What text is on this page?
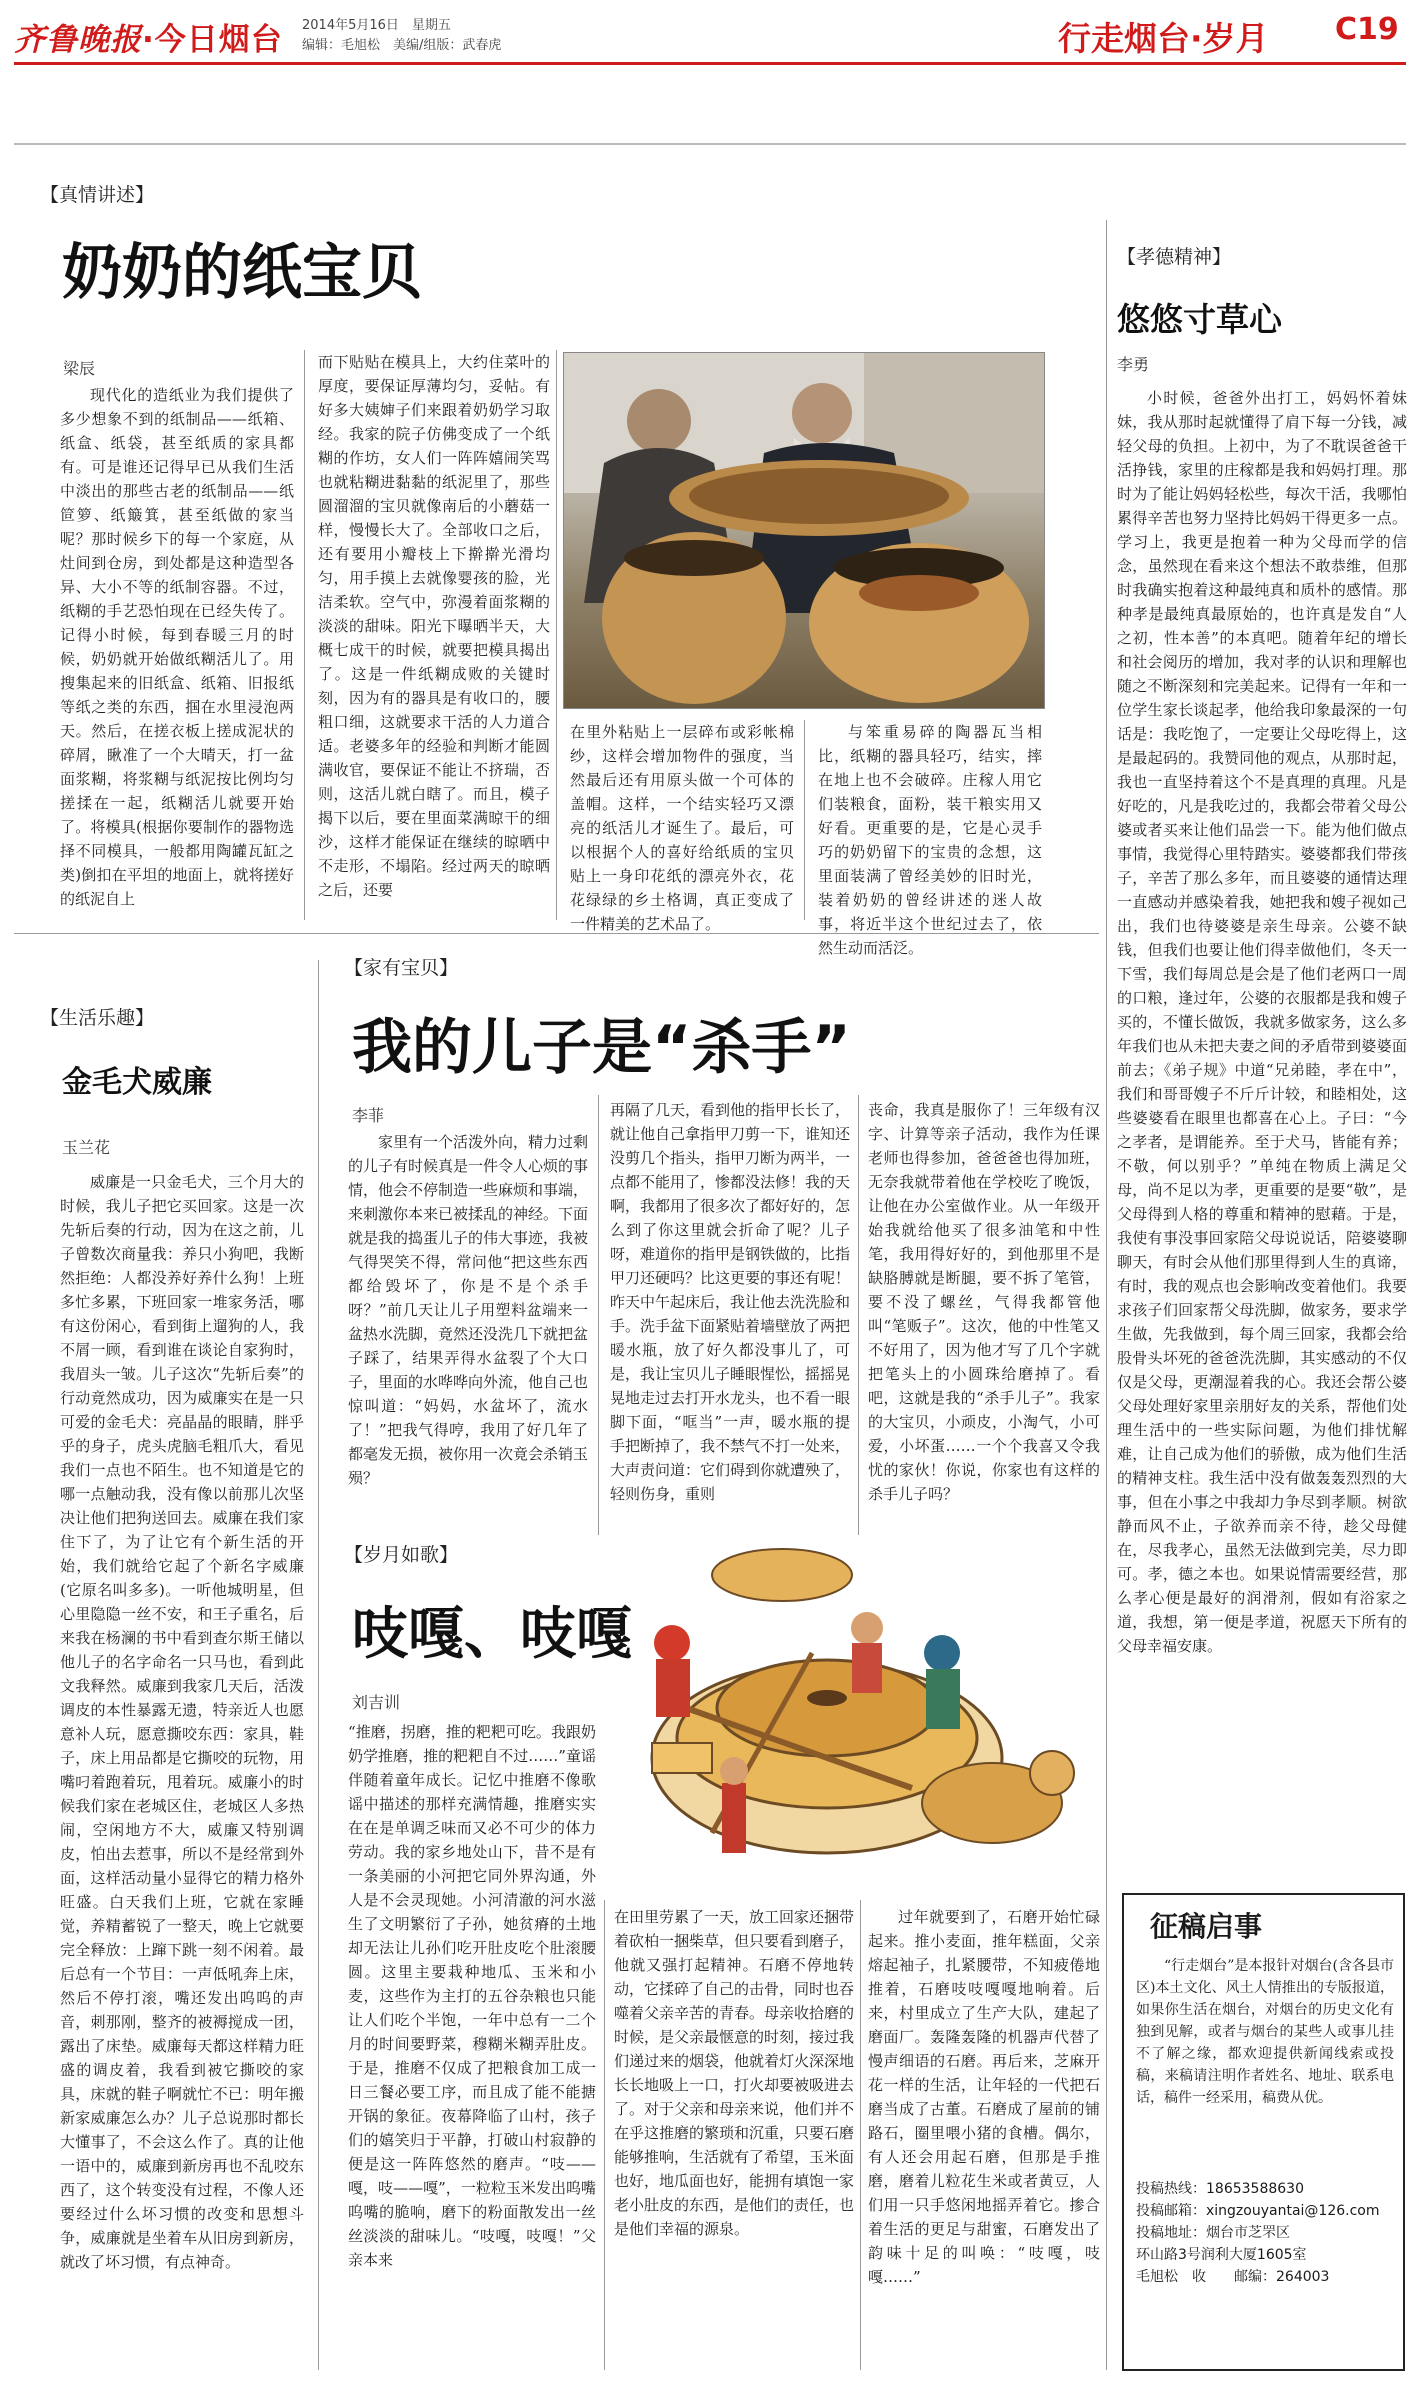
齐鲁晚报·今日烟台 2014年5月16日　星期五
编辑：毛旭松　美编/组版：武春虎	行走烟台·岁月 C19
【真情讲述】
奶奶的纸宝贝
梁辰
现代化的造纸业为我们提供了多少想象不到的纸制品——纸箱、纸盒、纸袋，甚至纸质的家具都有。可是谁还记得早已从我们生活中淡出的那些古老的纸制品——纸笸箩、纸簸箕，甚至纸做的家当呢？那时候乡下的每一个家庭，从灶间到仓房，到处都是这种造型各异、大小不等的纸制容器。不过，纸糊的手艺恐怕现在已经失传了。记得小时候，每到春暖三月的时候，奶奶就开始做纸糊活儿了。用搜集起来的旧纸盒、纸箱、旧报纸等纸之类的东西，掴在水里浸泡两天。然后，在搓衣板上搓成泥状的碎屑，瞅准了一个大晴天，打一盆面浆糊，将浆糊与纸泥按比例均匀搓揉在一起，纸糊活儿就要开始了。将模具(根据你要制作的器物选择不同模具，一般都用陶罐瓦缸之类)倒扣在平坦的地面上，就将搓好的纸泥自上
而下贴贴在模具上，大约住菜叶的厚度，要保证厚薄均匀，妥帖。有好多大姨婶子们来跟着奶奶学习取经。我家的院子仿佛变成了一个纸糊的作坊，女人们一阵阵嬉闹笑骂也就粘糊进黏黏的纸泥里了，那些圆溜溜的宝贝就像南后的小蘑菇一样，慢慢长大了。全部收口之后，还有要用小瓣枝上下擀擀光滑均匀，用手摸上去就像婴孩的脸，光洁柔软。空气中，弥漫着面浆糊的淡淡的甜味。阳光下曝晒半天，大概七成干的时候，就要把模具揭出了。这是一件纸糊成败的关键时刻，因为有的器具是有收口的，腰粗口细，这就要求干活的人力道合适。老婆多年的经验和判断才能圆满收官，要保证不能让不挤瑞，否则，这活儿就白瞎了。而且，模子揭下以后，要在里面菜满晾干的细沙，这样才能保证在继续的晾晒中不走形，不塌陷。经过两天的晾晒之后，还要
在里外粘贴上一层碎布或彩帐棉纱，这样会增加物件的强度，当然最后还有用原头做一个可体的盖帽。这样，一个结实轻巧又漂亮的纸活儿才诞生了。最后，可以根据个人的喜好给纸质的宝贝贴上一身印花纸的漂亮外衣，花花绿绿的乡土格调，真正变成了一件精美的艺术品了。
与笨重易碎的陶器瓦当相比，纸糊的器具轻巧，结实，摔在地上也不会破碎。庄稼人用它们装粮食，面粉，装干粮实用又好看。更重要的是，它是心灵手巧的奶奶留下的宝贵的念想，这里面装满了曾经美妙的旧时光，装着奶奶的曾经讲述的迷人故事，将近半这个世纪过去了，依然生动而活泛。
【孝德精神】
悠悠寸草心
李勇
小时候，爸爸外出打工，妈妈怀着妹妹，我从那时起就懂得了肩下每一分钱，减轻父母的负担。上初中，为了不耽误爸爸干活挣钱，家里的庄稼都是我和妈妈打理。那时为了能让妈妈轻松些，每次干活，我哪怕累得辛苦也努力坚持比妈妈干得更多一点。学习上，我更是抱着一种为父母而学的信念，虽然现在看来这个想法不敢恭维，但那时我确实抱着这种最纯真和质朴的感情。那种孝是最纯真最原始的，也许真是发自“人之初，性本善”的本真吧。随着年纪的增长和社会阅历的增加，我对孝的认识和理解也随之不断深刻和完美起来。记得有一年和一位学生家长谈起孝，他给我印象最深的一句话是：我吃饱了，一定要让父母吃得上，这是最起码的。我赞同他的观点，从那时起，我也一直坚持着这个不是真理的真理。凡是好吃的，凡是我吃过的，我都会带着父母公婆或者买来让他们品尝一下。能为他们做点事情，我觉得心里特踏实。婆婆都我们带孩子，辛苦了那么多年，而且婆婆的通情达理一直感动并感染着我，她把我和嫂子视如己出，我们也待婆婆是亲生母亲。公婆不缺钱，但我们也要让他们得幸做他们，冬天一下雪，我们每周总是会是了他们老两口一周的口粮，逢过年，公婆的衣服都是我和嫂子买的，不懂长做饭，我就多做家务，这么多年我们也从未把夫妻之间的矛盾带到婆婆面前去；《弟子规》中道“兄弟睦，孝在中”，我们和哥哥嫂子不斤斤计较，和睦相处，这些婆婆看在眼里也都喜在心上。子曰：“今之孝者，是谓能养。至于犬马，皆能有养；不敬，何以别乎？”单纯在物质上满足父母，尚不足以为孝，更重要的是要“敬”，是父母得到人格的尊重和精神的慰藉。于是，我使有事没事回家陪父母说说话，陪婆婆聊聊天，有时会从他们那里得到人生的真谛，有时，我的观点也会影响改变着他们。我要求孩子们回家帮父母洗脚，做家务，要求学生做，先我做到，每个周三回家，我都会给股骨头坏死的爸爸洗洗脚，其实感动的不仅仅是父母，更潮湿着我的心。我还会帮公婆父母处理好家里亲朋好友的关系，帮他们处理生活中的一些实际问题，为他们排忧解难，让自己成为他们的骄傲，成为他们生活的精神支柱。我生活中没有做轰轰烈烈的大事，但在小事之中我却力争尽到孝顺。树欲静而风不止，子欲养而亲不待，趁父母健在，尽我孝心，虽然无法做到完美，尽力即可。孝，德之本也。如果说情需要经营，那么孝心便是最好的润滑剂，假如有浴家之道，我想，第一便是孝道，祝愿天下所有的父母幸福安康。
【生活乐趣】
金毛犬威廉
玉兰花
威廉是一只金毛犬，三个月大的时候，我儿子把它买回家。这是一次先斩后奏的行动，因为在这之前，儿子曾数次商量我：养只小狗吧，我断然拒绝：人都没养好养什么狗！上班多忙多累，下班回家一堆家务活，哪有这份闲心，看到街上遛狗的人，我不屑一顾，看到谁在谈论自家狗时，我眉头一皱。儿子这次“先斩后奏”的行动竟然成功，因为威廉实在是一只可爱的金毛犬：亮晶晶的眼睛，胖乎乎的身子，虎头虎脑毛粗爪大，看见我们一点也不陌生。也不知道是它的哪一点触动我，没有像以前那儿次坚决让他们把狗送回去。威廉在我们家住下了，为了让它有个新生活的开始，我们就给它起了个新名字威廉(它原名叫多多)。一听他城明星，但心里隐隐一丝不安，和王子重名，后来我在杨澜的书中看到查尔斯王储以他儿子的名字命名一只马也，看到此文我释然。威廉到我家几天后，活泼调皮的本性暴露无遗，特亲近人也愿意补人玩，愿意撕咬东西：家具，鞋子，床上用品都是它撕咬的玩物，用嘴叼着跑着玩，甩着玩。威廉小的时候我们家在老城区住，老城区人多热闹，空闲地方不大，威廉又特别调皮，怕出去惹事，所以不是经常到外面，这样活动量小显得它的精力格外旺盛。白天我们上班，它就在家睡觉，养精蓄锐了一整天，晚上它就要完全释放：上蹿下跳一刻不闲着。最后总有一个节目：一声低吼奔上床，然后不停打滚，嘴还发出呜呜的声音，刺那刚，整齐的被褥搅成一团，露出了床垫。威廉每天都这样精力旺盛的调皮着，我看到被它撕咬的家具，床就的鞋子啊就忙不已：明年搬新家威廉怎么办？儿子总说那时都长大懂事了，不会这么作了。真的让他一语中的，威廉到新房再也不乱咬东西了，这个转变没有过程，不像人还要经过什么坏习惯的改变和思想斗争，威廉就是坐着车从旧房到新房，就改了坏习惯，有点神奇。
【家有宝贝】
我的儿子是“杀手”
李菲
家里有一个活泼外向，精力过剩的儿子有时候真是一件令人心烦的事情，他会不停制造一些麻烦和事端，来刺激你本来已被揉乱的神经。下面就是我的捣蛋儿子的伟大事迹，我被气得哭笑不得，常问他“把这些东西都给毁坏了，你是不是个杀手呀？”前几天让儿子用塑料盆端来一盆热水洗脚，竟然还没洗几下就把盆子踩了，结果弄得水盆裂了个大口子，里面的水哗哗向外流，他自己也惊叫道：“妈妈，水盆坏了，流水了！”把我气得哼，我用了好几年了都毫发无损，被你用一次竟会杀销玉殒？
再隔了几天，看到他的指甲长长了，就让他自己拿指甲刀剪一下，谁知还没剪几个指头，指甲刀断为两半，一点都不能用了，惨都没法修！我的天啊，我都用了很多次了都好好的，怎么到了你这里就会折命了呢？儿子呀，难道你的指甲是钢铁做的，比指甲刀还硬吗？比这更要的事还有呢！昨天中午起床后，我让他去洗洗脸和手。洗手盆下面紧贴着墙壁放了两把暖水瓶，放了好久都没事儿了，可是，我让宝贝儿子睡眼惺忪，摇摇晃晃地走过去打开水龙头，也不看一眼脚下面，“哐当”一声，暖水瓶的提手把断掉了，我不禁气不打一处来，大声责问道：它们碍到你就遭殃了，轻则伤身，重则
丧命，我真是服你了！三年级有汉字、计算等亲子活动，我作为任课老师也得参加，爸爸爸也得加班，无奈我就带着他在学校吃了晚饭，让他在办公室做作业。从一年级开始我就给他买了很多油笔和中性笔，我用得好好的，到他那里不是缺胳膊就是断腿，要不拆了笔管，要不没了螺丝，气得我都管他叫“笔贩子”。这次，他的中性笔又不好用了，因为他才写了几个字就把笔头上的小圆珠给磨掉了。看吧，这就是我的“杀手儿子”。我家的大宝贝，小顽皮，小淘气，小可爱，小坏蛋……一个个我喜又令我忧的家伙！你说，你家也有这样的杀手儿子吗？
【岁月如歌】
吱嘎、吱嘎
刘吉训
“推磨，拐磨，推的粑粑可吃。我跟奶奶学推磨，推的粑粑自不过……”童谣伴随着童年成长。记忆中推磨不像歌谣中描述的那样充满情趣，推磨实实在在是单调乏味而又必不可少的体力劳动。我的家乡地处山下，昔不是有一条美丽的小河把它同外界沟通，外人是不会灵现她。小河清澈的河水滋生了文明繁衍了子孙，她贫瘠的土地却无法让儿孙们吃开肚皮吃个肚滚腰圆。这里主要栽种地瓜、玉米和小麦，这些作为主打的五谷杂粮也只能让人们吃个半饱，一年中总有一二个月的时间要野菜，穆糊米糊弄肚皮。于是，推磨不仅成了把粮食加工成一日三餐必要工序，而且成了能不能搪开锅的象征。夜幕降临了山村，孩子们的嬉笑归于平静，打破山村寂静的便是这一阵阵悠然的磨声。“吱——嘎，吱——嘎”，一粒粒玉米发出呜嘴呜嘴的脆响，磨下的粉面散发出一丝丝淡淡的甜味儿。“吱嘎，吱嘎！”父亲本来
在田里劳累了一天，放工回家还捆带着砍柏一捆柴草，但只要看到磨子，他就又强打起精神。石磨不停地转动，它揉碎了自己的击骨，同时也吞噬着父亲辛苦的青春。母亲收拾磨的时候，是父亲最惬意的时刻，接过我们递过来的烟袋，他就着灯火深深地长长地吸上一口，打火却要被吸进去了。对于父亲和母亲来说，他们并不在乎这推磨的繁琐和沉重，只要石磨能够推响，生活就有了希望，玉米面也好，地瓜面也好，能拥有填饱一家老小肚皮的东西，是他们的责任，也是他们幸福的源泉。
过年就要到了，石磨开始忙碌起来。推小麦面，推年糕面，父亲熔起袖子，扎紧腰带，不知疲倦地推着，石磨吱吱嘎嘎地响着。后来，村里成立了生产大队，建起了磨面厂。轰隆轰隆的机器声代替了慢声细语的石磨。再后来，芝麻开花一样的生活，让年轻的一代把石磨当成了古董。石磨成了屋前的铺路石，圈里喂小猪的食槽。偶尔，有人还会用起石磨，但那是手推磨，磨着儿粒花生米或者黄豆，人们用一只手悠闲地摇弄着它。掺合着生活的更足与甜蜜，石磨发出了韵味十足的叫唤：“吱嘎，吱嘎……”
征稿启事
“行走烟台”是本报针对烟台(含各县市区)本土文化、风土人情推出的专版报道，如果你生活在烟台，对烟台的历史文化有独到见解，或者与烟台的某些人或事儿挂不了解之缘，都欢迎提供新闻线索或投稿，来稿请注明作者姓名、地址、联系电话，稿件一经采用，稿费从优。
投稿热线：18653588630
投稿邮箱：xingzouyantai@126.com
投稿地址：烟台市芝罘区
环山路3号润利大厦1605室
毛旭松　收　　邮编：264003
